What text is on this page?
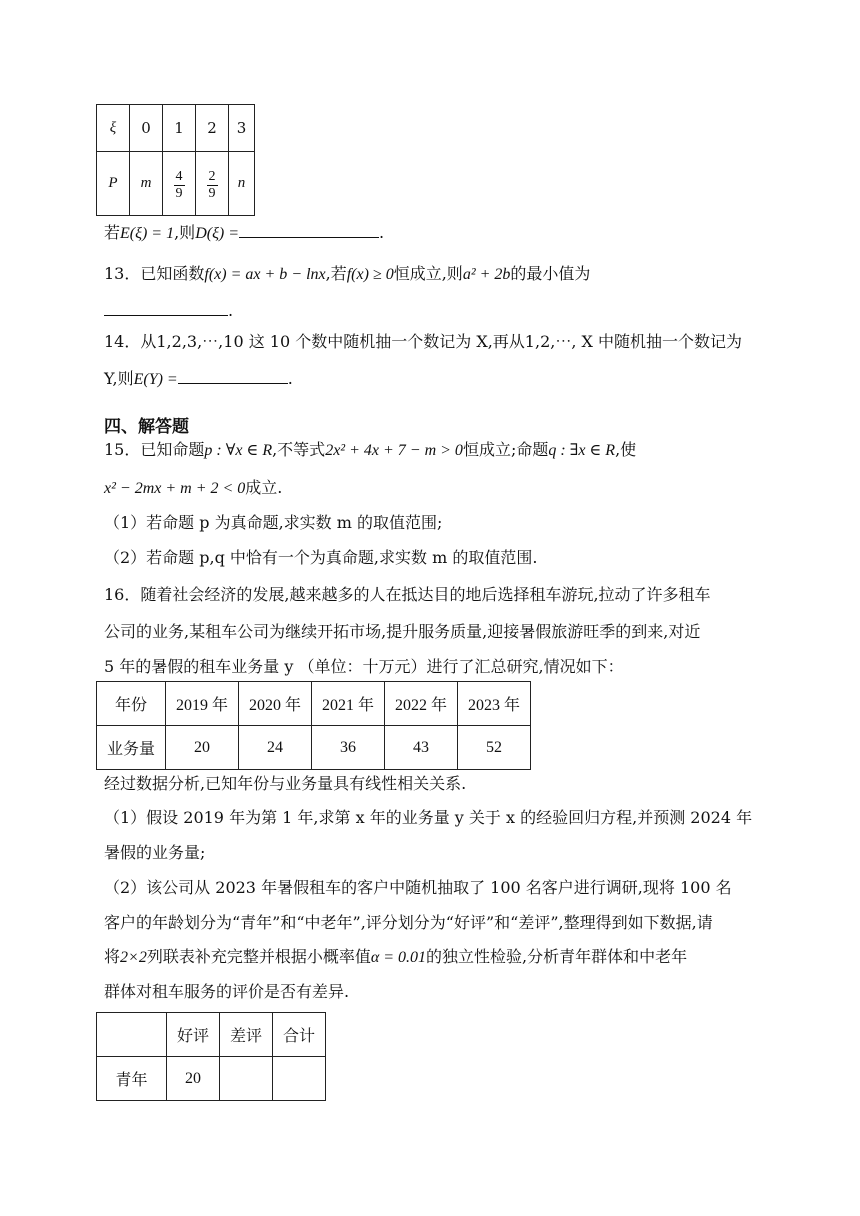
ξ	0	1	2	3
P	m	$\frac{4}{9}$	$\frac{2}{9}$	n
若E(ξ) = 1,则D(ξ) =	.
13．已知函数f(x) = ax + b − lnx,若f(x) ≥ 0恒成立,则a² + 2b的最小值为
.
14．从1,2,3,⋯,10 这 10 个数中随机抽一个数记为 X,再从1,2,⋯, X 中随机抽一个数记为
Y,则E(Y) =	.
四、解答题
15．已知命题p : ∀x ∈ R,不等式2x² + 4x + 7 − m > 0恒成立;命题q : ∃x ∈ R,使
x² − 2mx + m + 2 < 0成立.
（1）若命题 p 为真命题,求实数 m 的取值范围;
（2）若命题 p,q 中恰有一个为真命题,求实数 m 的取值范围.
16．随着社会经济的发展,越来越多的人在抵达目的地后选择租车游玩,拉动了许多租车
公司的业务,某租车公司为继续开拓市场,提升服务质量,迎接暑假旅游旺季的到来,对近
5 年的暑假的租车业务量 y （单位：十万元）进行了汇总研究,情况如下：
年份	2019 年	2020 年	2021 年	2022 年	2023 年
业务量	20	24	36	43	52
经过数据分析,已知年份与业务量具有线性相关关系.
（1）假设 2019 年为第 1 年,求第 x 年的业务量 y 关于 x 的经验回归方程,并预测 2024 年
暑假的业务量;
（2）该公司从 2023 年暑假租车的客户中随机抽取了 100 名客户进行调研,现将 100 名
客户的年龄划分为“青年”和“中老年”,评分划分为“好评”和“差评”,整理得到如下数据,请
将2×2列联表补充完整并根据小概率值α = 0.01的独立性检验,分析青年群体和中老年
群体对租车服务的评价是否有差异.
	好评	差评	合计
青年	20		
